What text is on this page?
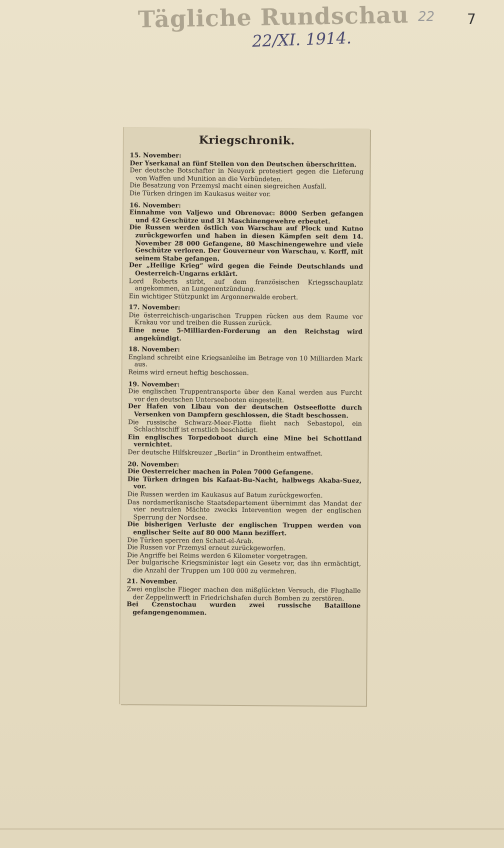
Tägliche Rundschau
22/XI. 1914.
22 7
Kriegschronik.
15. November:
Der Yserkanal an fünf Stellen von den Deutschen überschritten.
Der deutsche Botschafter in Neuyork protestiert gegen die Lieferung von Waffen und Munition an die Verbündeten.
Die Besatzung von Przemysl macht einen siegreichen Ausfall.
Die Türken dringen im Kaukasus weiter vor.
16. November:
Einnahme von Valjewo und Obrenovac: 8000 Serben gefangen und 42 Geschütze und 31 Maschinengewehre erbeutet.
Die Russen werden östlich von Warschau auf Plock und Kutno zurückgeworfen und haben in diesen Kämpfen seit dem 14. November 28 000 Gefangene, 80 Maschinengewehre und viele Geschütze verloren. Der Gouverneur von Warschau, v. Korff, mit seinem Stabe gefangen.
Der „Heilige Krieg“ wird gegen die Feinde Deutschlands und Oesterreich-Ungarns erklärt.
Lord Roberts stirbt, auf dem französischen Kriegsschauplatz angekommen, an Lungenentzündung.
Ein wichtiger Stützpunkt im Argonnerwalde erobert.
17. November:
Die österreichisch-ungarischen Truppen rücken aus dem Raume vor Krakau vor und treiben die Russen zurück.
Eine neue 5-Milliarden-Forderung an den Reichstag wird angekündigt.
18. November:
England schreibt eine Kriegsanleihe im Betrage von 10 Milliarden Mark aus.
Reims wird erneut heftig beschossen.
19. November:
Die englischen Truppentransporte über den Kanal werden aus Furcht vor den deutschen Unterseebooten eingestellt.
Der Hafen von Libau von der deutschen Ostseeflotte durch Versenken von Dampfern geschlossen, die Stadt beschossen.
Die russische Schwarz-Meer-Flotte flieht nach Sebastopol, ein Schlachtschiff ist ernstlich beschädigt.
Ein englisches Torpedoboot durch eine Mine bei Schottland vernichtet.
Der deutsche Hilfskreuzer „Berlin“ in Drontheim entwaffnet.
20. November:
Die Oesterreicher machen in Polen 7000 Gefangene.
Die Türken dringen bis Kafaat-Bu-Nacht, halbwegs Akaba-Suez, vor.
Die Russen werden im Kaukasus auf Batum zurückgeworfen.
Das nordamerikanische Staatsdepartement übernimmt das Mandat der vier neutralen Mächte zwecks Intervention wegen der englischen Sperrung der Nordsee.
Die bisherigen Verluste der englischen Truppen werden von englischer Seite auf 80 000 Mann beziffert.
Die Türken sperren den Schatt-el-Arab.
Die Russen vor Przemysl erneut zurückgeworfen.
Die Angriffe bei Reims werden 6 Kilometer vorgetragen.
Der bulgarische Kriegsminister legt ein Gesetz vor, das ihn ermächtigt, die Anzahl der Truppen um 100 000 zu vermehren.
21. November.
Zwei englische Flieger machen den mißglückten Versuch, die Flughalle der Zeppelinwerft in Friedrichshafen durch Bomben zu zerstören.
Bei Czenstochau wurden zwei russische Bataillone gefangengenommen.
